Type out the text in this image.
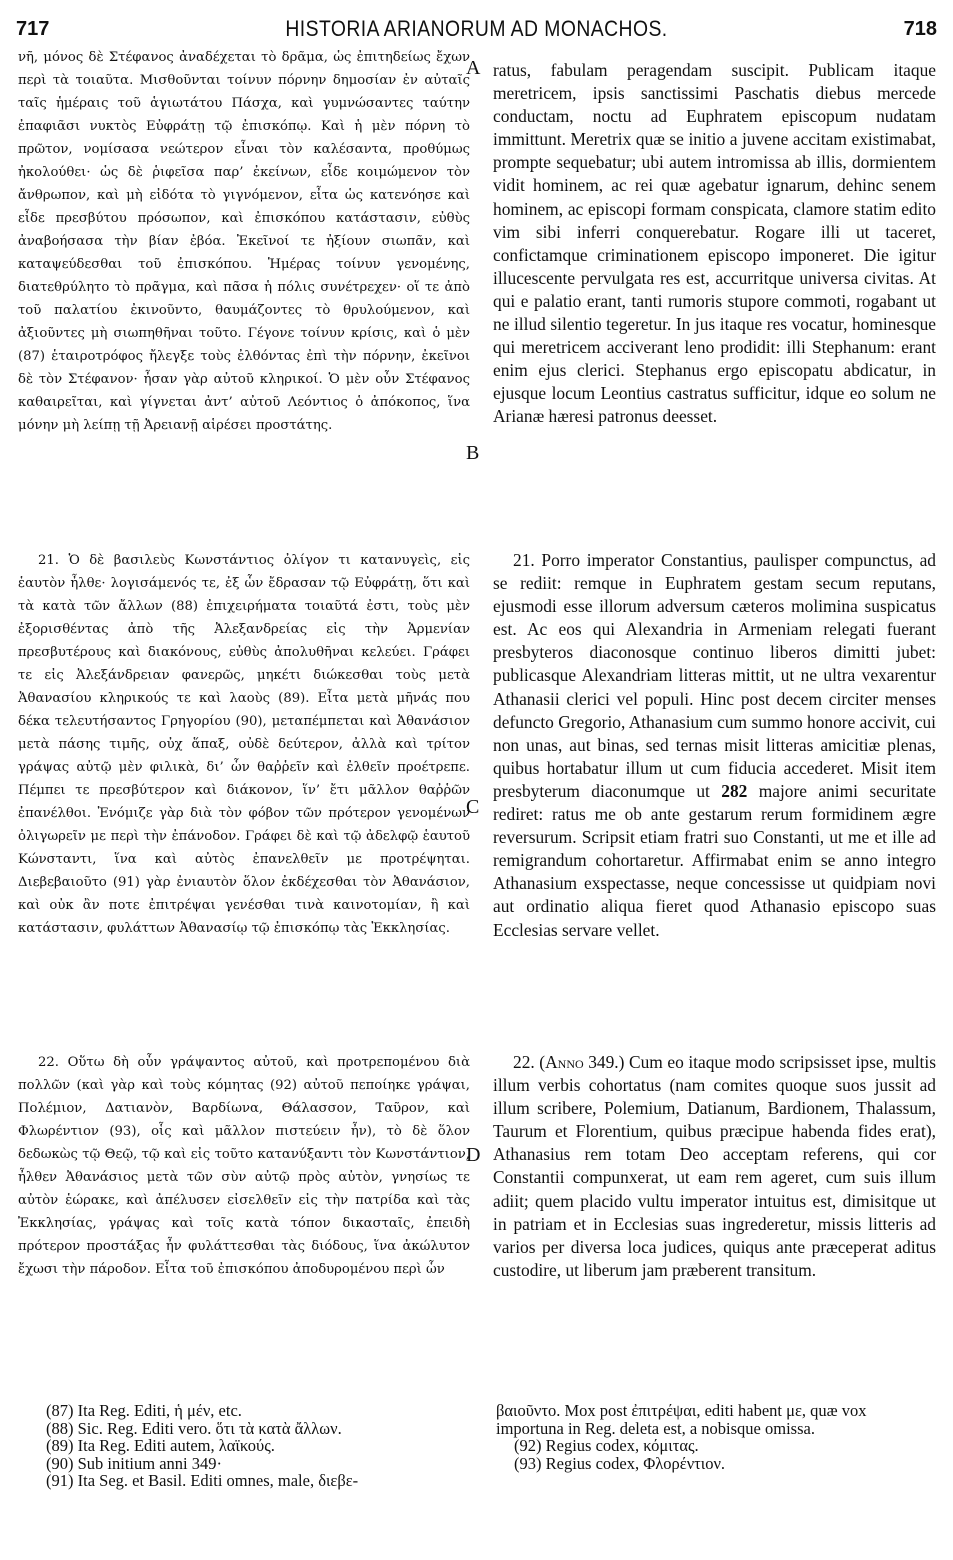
717	HISTORIA ARIANORUM AD MONACHOS.	718

νῆ, μόνος δὲ Στέφανος ἀναδέχεται τὸ δρᾶμα, ὡς ἐπιτηδείως ἔχων περὶ τὰ τοιαῦτα. Μισθοῦνται τοίνυν πόρνην δημοσίαν ἐν αὐταῖς ταῖς ἡμέραις τοῦ ἁγιωτάτου Πάσχα, καὶ γυμνώσαντες ταύτην ἐπαφιᾶσι νυκτὸς Εὐφράτῃ τῷ ἐπισκόπῳ. Καὶ ἡ μὲν πόρνη τὸ πρῶτον, νομίσασα νεώτερον εἶναι τὸν καλέσαντα, προθύμως ἠκολούθει· ὡς δὲ ῥιφεῖσα παρ’ ἐκείνων, εἶδε κοιμώμενον τὸν ἄνθρωπον, καὶ μὴ εἰδότα τὸ γιγνόμενον, εἶτα ὡς κατενόησε καὶ εἶδε πρεσβύτου πρόσωπον, καὶ ἐπισκόπου κατάστασιν, εὐθὺς ἀναβοήσασα τὴν βίαν ἐβόα. Ἐκεῖνοί τε ἠξίουν σιωπᾶν, καὶ καταψεύδεσθαι τοῦ ἐπισκόπου. Ἡμέρας τοίνυν γενομένης, διατεθρύλητο τὸ πρᾶγμα, καὶ πᾶσα ἡ πόλις συνέτρεχεν· οἵ τε ἀπὸ τοῦ παλατίου ἐκινοῦντο, θαυμάζοντες τὸ θρυλούμενον, καὶ ἀξιοῦντες μὴ σιωπηθῆναι τοῦτο. Γέγονε τοίνυν κρίσις, καὶ ὁ μὲν (87) ἑταιροτρόφος ἤλεγξε τοὺς ἐλθόντας ἐπὶ τὴν πόρνην, ἐκεῖνοι δὲ τὸν Στέφανον· ἦσαν γὰρ αὐτοῦ κληρικοί. Ὁ μὲν οὖν Στέφανος καθαιρεῖται, καὶ γίγνεται ἀντ’ αὐτοῦ Λεόντιος ὁ ἀπόκοπος, ἵνα μόνην μὴ λείπῃ τῇ Ἀρειανῇ αἱρέσει προστάτης.

21. Ὁ δὲ βασιλεὺς Κωνστάντιος ὀλίγον τι κατανυγεὶς, εἰς ἑαυτὸν ἦλθε· λογισάμενός τε, ἐξ ὧν ἔδρασαν τῷ Εὐφράτῃ, ὅτι καὶ τὰ κατὰ τῶν ἄλλων (88) ἐπιχειρήματα τοιαῦτά ἐστι, τοὺς μὲν ἐξορισθέντας ἀπὸ τῆς Ἀλεξανδρείας εἰς τὴν Ἀρμενίαν πρεσβυτέρους καὶ διακόνους, εὐθὺς ἀπολυθῆναι κελεύει. Γράφει τε εἰς Ἀλεξάνδρειαν φανερῶς, μηκέτι διώκεσθαι τοὺς μετὰ Ἀθανασίου κληρικούς τε καὶ λαοὺς (89). Εἶτα μετὰ μῆνάς που δέκα τελευτήσαντος Γρηγορίου (90), μεταπέμπεται καὶ Ἀθανάσιον μετὰ πάσης τιμῆς, οὐχ ἅπαξ, οὐδὲ δεύτερον, ἀλλὰ καὶ τρίτον γράψας αὐτῷ μὲν φιλικὰ, δι’ ὧν θαῤῥεῖν καὶ ἐλθεῖν προέτρεπε. Πέμπει τε πρεσβύτερον καὶ διάκονον, ἵν’ ἔτι μᾶλλον θαῤῥῶν ἐπανέλθοι. Ἐνόμιζε γὰρ διὰ τὸν φόβον τῶν πρότερον γενομένων ὀλιγωρεῖν με περὶ τὴν ἐπάνοδον. Γράφει δὲ καὶ τῷ ἀδελφῷ ἑαυτοῦ Κώνσταντι, ἵνα καὶ αὐτὸς ἐπανελθεῖν με προτρέψηται. Διεβεβαιοῦτο (91) γὰρ ἐνιαυτὸν ὅλον ἐκδέχεσθαι τὸν Ἀθανάσιον, καὶ οὐκ ἂν ποτε ἐπιτρέψαι γενέσθαι τινὰ καινοτομίαν, ἢ καὶ κατάστασιν, φυλάττων Ἀθανασίῳ τῷ ἐπισκόπῳ τὰς Ἐκκλησίας.

22. Οὕτω δὴ οὖν γράψαντος αὐτοῦ, καὶ προτρεπομένου διὰ πολλῶν (καὶ γὰρ καὶ τοὺς κόμητας (92) αὐτοῦ πεποίηκε γράψαι, Πολέμιον, Δατιανὸν, Βαρδίωνα, Θάλασσον, Ταῦρον, καὶ Φλωρέντιον (93), οἷς καὶ μᾶλλον πιστεύειν ἦν), τὸ δὲ ὅλον δεδωκὼς τῷ Θεῷ, τῷ καὶ εἰς τοῦτο κατανύξαντι τὸν Κωνστάντιον, ἦλθεν Ἀθανάσιος μετὰ τῶν σὺν αὐτῷ πρὸς αὐτὸν, γνησίως τε αὐτὸν ἑώρακε, καὶ ἀπέλυσεν εἰσελθεῖν εἰς τὴν πατρίδα καὶ τὰς Ἐκκλησίας, γράψας καὶ τοῖς κατὰ τόπον δικασταῖς, ἐπειδὴ πρότερον προστάξας ἦν φυλάττεσθαι τὰς διόδους, ἵνα ἀκώλυτον ἔχωσι τὴν πάροδον. Εἶτα τοῦ ἐπισκόπου ἀποδυρομένου περὶ ὧν

A
B
C
D

ratus, fabulam peragendam suscipit. Publicam itaque meretricem, ipsis sanctissimi Paschatis diebus mercede conductam, noctu ad Euphratem episcopum nudatam immittunt. Meretrix quæ se initio a juvene accitam existimabat, prompte sequebatur; ubi autem intromissa ab illis, dormientem vidit hominem, ac rei quæ agebatur ignarum, dehinc senem hominem, ac episcopi formam conspicata, clamore statim edito vim sibi inferri conquerebatur. Rogare illi ut taceret, confictamque criminationem episcopo imponeret. Die igitur illucescente pervulgata res est, accurritque universa civitas. At qui e palatio erant, tanti rumoris stupore commoti, rogabant ut ne illud silentio tegeretur. In jus itaque res vocatur, hominesque qui meretricem acciverant leno prodidit: illi Stephanum: erant enim ejus clerici. Stephanus ergo episcopatu abdicatur, in ejusque locum Leontius castratus sufficitur, idque eo solum ne Arianæ hæresi patronus deesset.

21. Porro imperator Constantius, paulisper compunctus, ad se rediit: remque in Euphratem gestam secum reputans, ejusmodi esse illorum adversum cæteros molimina suspicatus est. Ac eos qui Alexandria in Armeniam relegati fuerant presbyteros diaconosque continuo liberos dimitti jubet: publicasque Alexandriam litteras mittit, ut ne ultra vexarentur Athanasii clerici vel populi. Hinc post decem circiter menses defuncto Gregorio, Athanasium cum summo honore accivit, cui non unas, aut binas, sed ternas misit litteras amicitiæ plenas, quibus hortabatur illum ut cum fiducia accederet. Misit item presbyterum diaconumque ut 282 majore animi securitate rediret: ratus me ob ante gestarum rerum formidinem ægre reversurum. Scripsit etiam fratri suo Constanti, ut me et ille ad remigrandum cohortaretur. Affirmabat enim se anno integro Athanasium exspectasse, neque concessisse ut quidpiam novi aut ordinatio aliqua fieret quod Athanasio episcopo suas Ecclesias servare vellet.

22. (Anno 349.) Cum eo itaque modo scripsisset ipse, multis illum verbis cohortatus (nam comites quoque suos jussit ad illum scribere, Polemium, Datianum, Bardionem, Thalassum, Taurum et Florentium, quibus præcipue habenda fides erat), Athanasius rem totam Deo acceptam referens, qui cor Constantii compunxerat, ut eam rem ageret, cum suis illum adiit; quem placido vultu imperator intuitus est, dimisitque ut in patriam et in Ecclesias suas ingrederetur, missis litteris ad varios per diversa loca judices, quiqus ante præceperat aditus custodire, ut liberum jam præberent transitum.

(87) Ita Reg. Editi, ἡ μέν, etc.

(88) Sic. Reg. Editi vero. ὅτι τὰ κατὰ ἄλλων.

(89) Ita Reg. Editi autem, λαϊκούς.

(90) Sub initium anni 349·

(91) Ita Seg. et Basil. Editi omnes, male, διεβε-

βαιοῦντο. Mox post ἐπιτρέψαι, editi habent με, quæ vox importuna in Reg. deleta est, a nobisque omissa.

(92) Regius codex, κόμιτας.

(93) Regius codex, Φλορέντιον.
